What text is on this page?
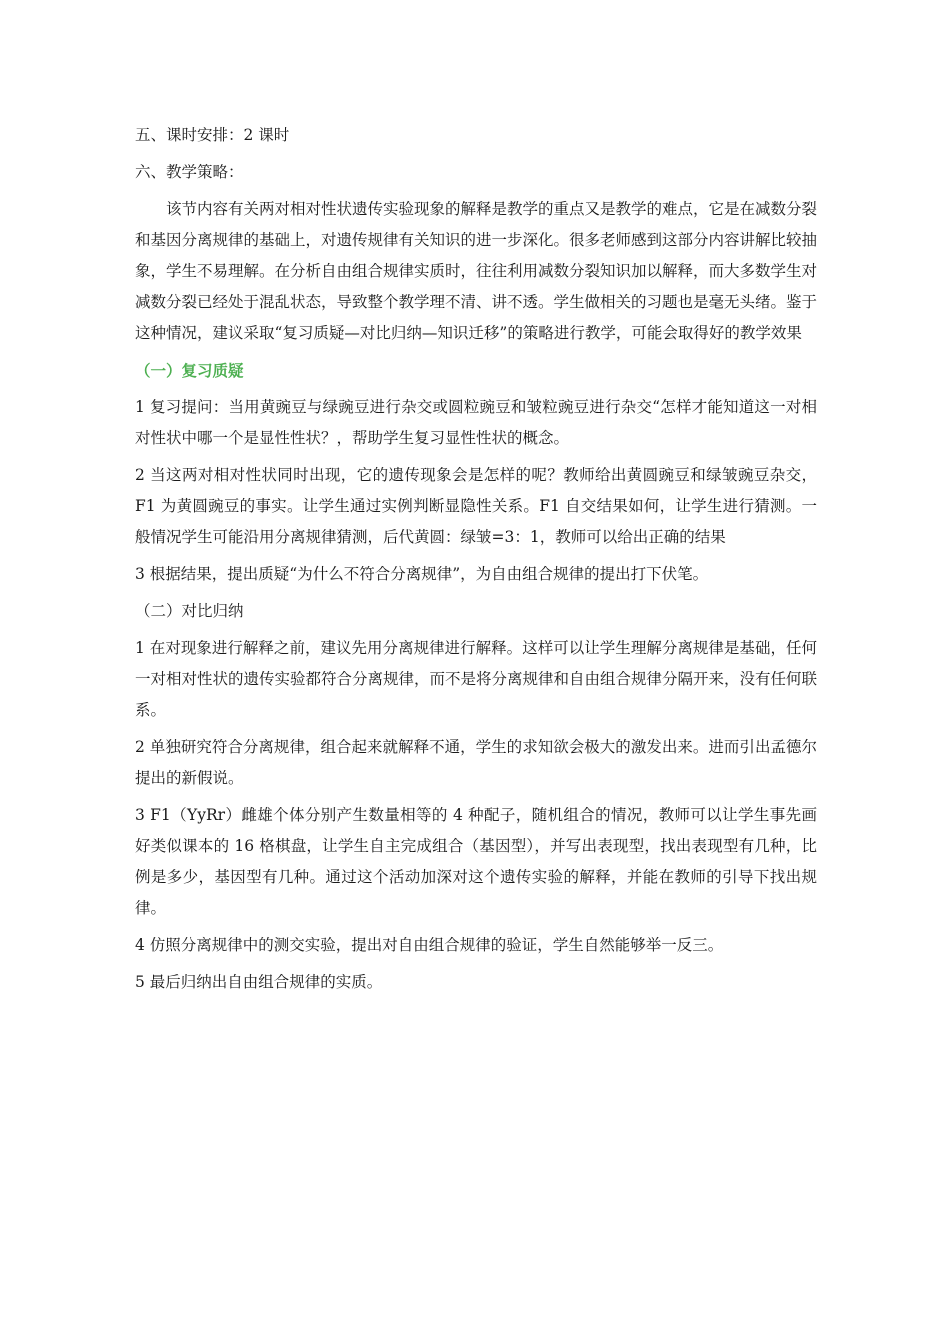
五、课时安排：2 课时

六、教学策略：

该节内容有关两对相对性状遗传实验现象的解释是教学的重点又是教学的难点，它是在减数分裂和基因分离规律的基础上，对遗传规律有关知识的进一步深化。很多老师感到这部分内容讲解比较抽象，学生不易理解。在分析自由组合规律实质时，往往利用减数分裂知识加以解释，而大多数学生对减数分裂已经处于混乱状态，导致整个教学理不清、讲不透。学生做相关的习题也是毫无头绪。鉴于这种情况，建议采取“复习质疑—对比归纳—知识迁移”的策略进行教学，可能会取得好的教学效果

（一）复习质疑

1 复习提问：当用黄豌豆与绿豌豆进行杂交或圆粒豌豆和皱粒豌豆进行杂交“怎样才能知道这一对相对性状中哪一个是显性性状？，帮助学生复习显性性状的概念。

2 当这两对相对性状同时出现，它的遗传现象会是怎样的呢？教师给出黄圆豌豆和绿皱豌豆杂交，F1 为黄圆豌豆的事实。让学生通过实例判断显隐性关系。F1 自交结果如何，让学生进行猜测。一般情况学生可能沿用分离规律猜测，后代黄圆：绿皱=3：1，教师可以给出正确的结果

3 根据结果，提出质疑“为什么不符合分离规律”，为自由组合规律的提出打下伏笔。

（二）对比归纳

1 在对现象进行解释之前，建议先用分离规律进行解释。这样可以让学生理解分离规律是基础，任何一对相对性状的遗传实验都符合分离规律，而不是将分离规律和自由组合规律分隔开来，没有任何联系。

2 单独研究符合分离规律，组合起来就解释不通，学生的求知欲会极大的激发出来。进而引出孟德尔提出的新假说。

3 F1（YyRr）雌雄个体分别产生数量相等的 4 种配子，随机组合的情况，教师可以让学生事先画好类似课本的 16 格棋盘，让学生自主完成组合（基因型），并写出表现型，找出表现型有几种，比例是多少，基因型有几种。通过这个活动加深对这个遗传实验的解释，并能在教师的引导下找出规律。

4 仿照分离规律中的测交实验，提出对自由组合规律的验证，学生自然能够举一反三。

5 最后归纳出自由组合规律的实质。
